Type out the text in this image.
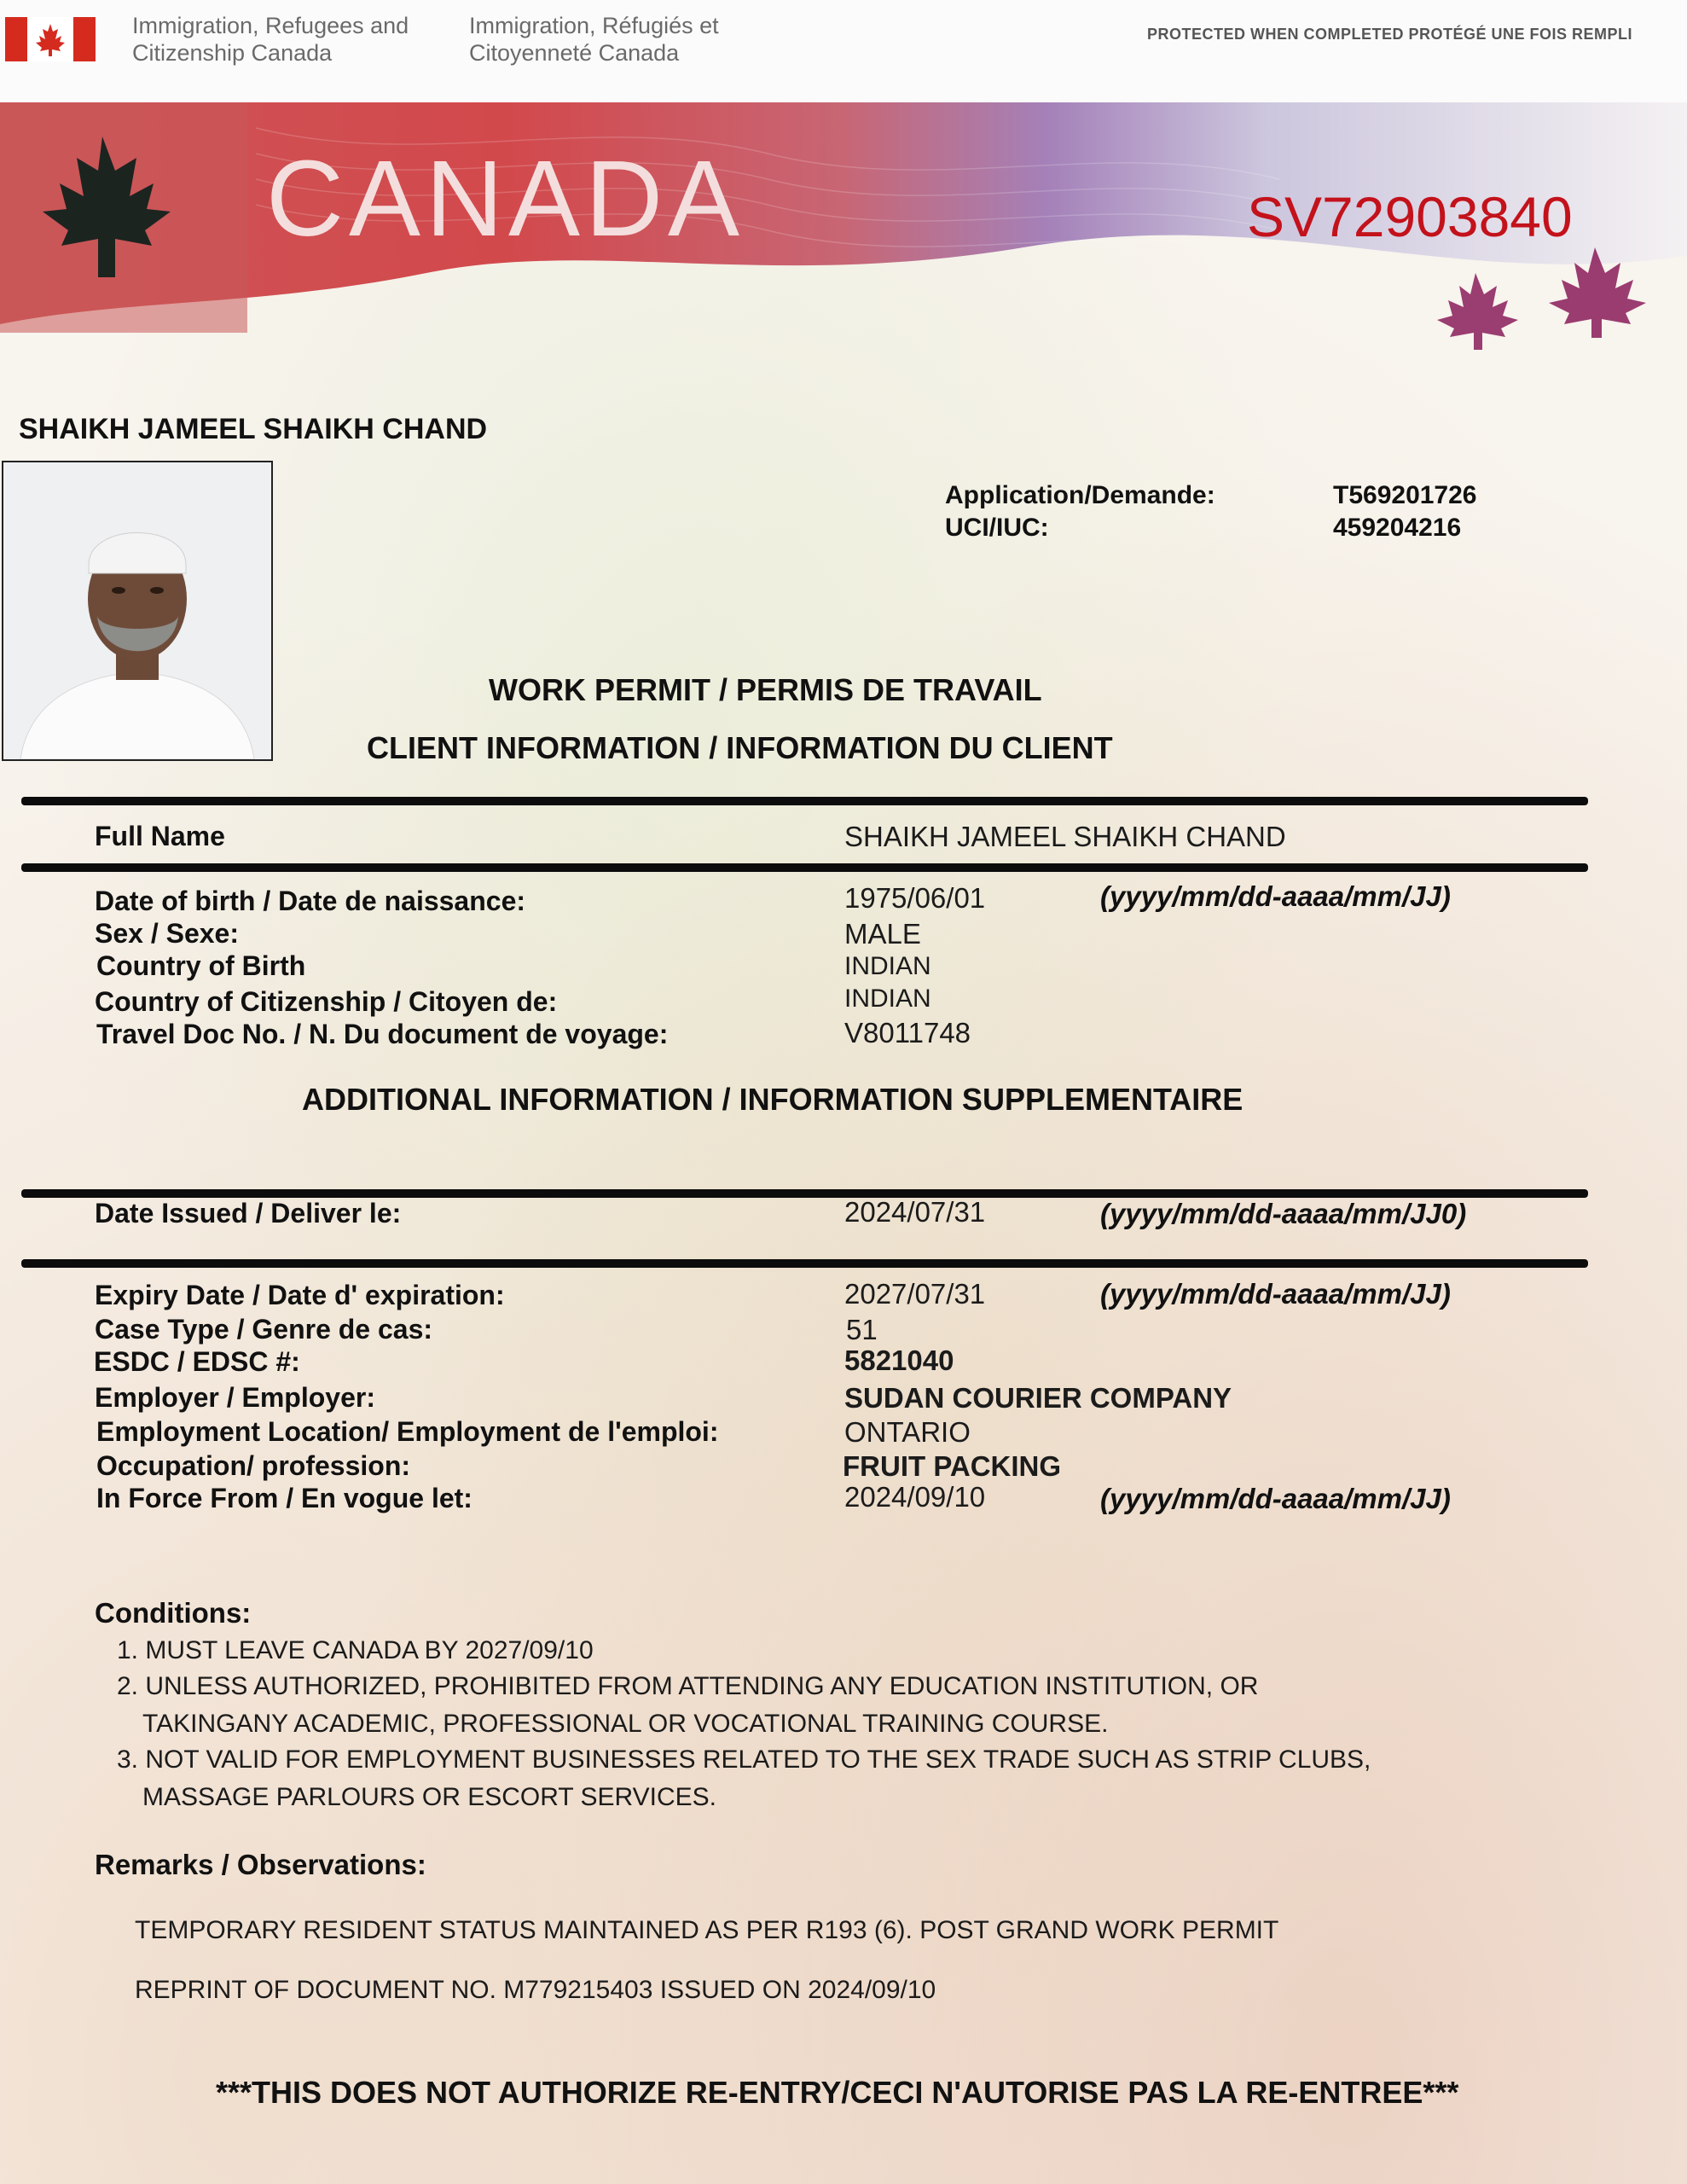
Immigration, Refugees and
Citizenship Canada
Immigration, Réfugiés et
Citoyenneté Canada
PROTECTED WHEN COMPLETED PROTÉGÉ UNE FOIS REMPLI
CANADA	SV72903840
SHAIKH JAMEEL SHAIKH CHAND
Application/Demande:	T569201726
UCI/IUC:	459204216
WORK PERMIT / PERMIS DE TRAVAIL
CLIENT INFORMATION / INFORMATION DU CLIENT
Full Name	SHAIKH JAMEEL SHAIKH CHAND
Date of birth / Date de naissance:	1975/06/01	(yyyy/mm/dd-aaaa/mm/JJ)
Sex / Sexe:	MALE
Country of Birth	INDIAN
Country of Citizenship / Citoyen de:	INDIAN
Travel Doc No. / N. Du document de voyage:	V8011748
ADDITIONAL INFORMATION / INFORMATION SUPPLEMENTAIRE
Date Issued / Deliver le:	2024/07/31	(yyyy/mm/dd-aaaa/mm/JJ0)
Expiry Date / Date d' expiration:	2027/07/31	(yyyy/mm/dd-aaaa/mm/JJ)
Case Type / Genre de cas:	51
ESDC / EDSC #:	5821040
Employer / Employer:	SUDAN COURIER COMPANY
Employment Location/ Employment de l'emploi:	ONTARIO
Occupation/ profession:	FRUIT PACKING
In Force From / En vogue let:	2024/09/10	(yyyy/mm/dd-aaaa/mm/JJ)
Conditions:
1. MUST LEAVE CANADA BY 2027/09/10
2. UNLESS AUTHORIZED, PROHIBITED FROM ATTENDING ANY EDUCATION INSTITUTION, OR
TAKINGANY ACADEMIC, PROFESSIONAL OR VOCATIONAL TRAINING COURSE.
3. NOT VALID FOR EMPLOYMENT BUSINESSES RELATED TO THE SEX TRADE SUCH AS STRIP CLUBS,
MASSAGE PARLOURS OR ESCORT SERVICES.
Remarks / Observations:
TEMPORARY RESIDENT STATUS MAINTAINED AS PER R193 (6). POST GRAND WORK PERMIT
REPRINT OF DOCUMENT NO. M779215403 ISSUED ON 2024/09/10
***THIS DOES NOT AUTHORIZE RE-ENTRY/CECI N'AUTORISE PAS LA RE-ENTREE***
